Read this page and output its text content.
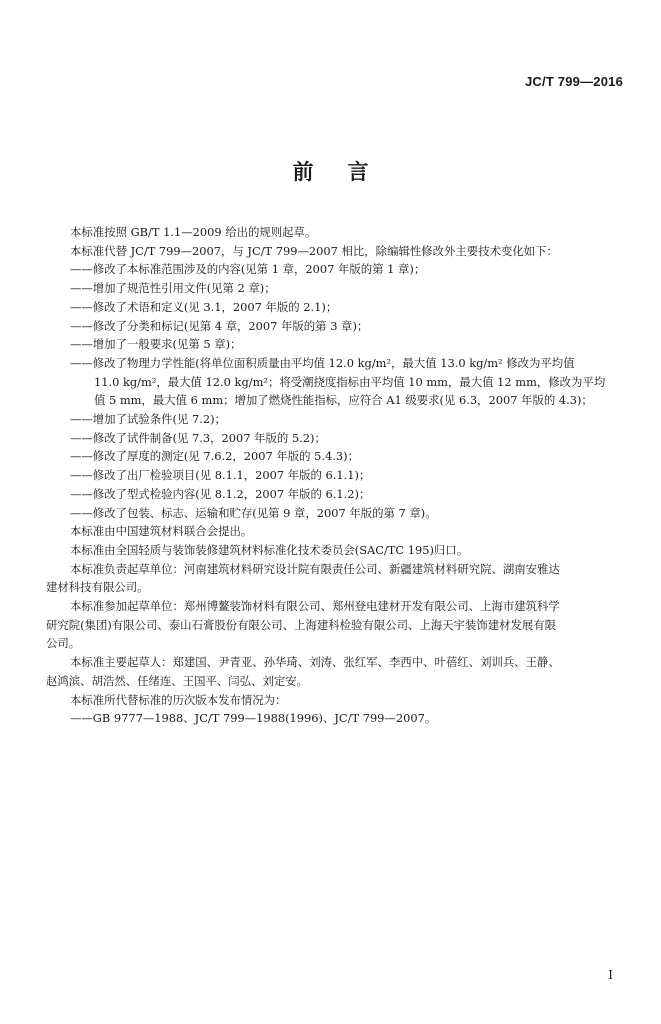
JC/T 799—2016
前言
本标准按照 GB/T 1.1—2009 给出的规则起草。
本标准代替 JC/T 799—2007，与 JC/T 799—2007 相比，除编辑性修改外主要技术变化如下：
——修改了本标准范围涉及的内容(见第 1 章，2007 年版的第 1 章)；
——增加了规范性引用文件(见第 2 章)；
——修改了术语和定义(见 3.1，2007 年版的 2.1)；
——修改了分类和标记(见第 4 章，2007 年版的第 3 章)；
——增加了一般要求(见第 5 章)；
——修改了物理力学性能(将单位面积质量由平均值 12.0 kg/m²，最大值 13.0 kg/m² 修改为平均值
11.0 kg/m²，最大值 12.0 kg/m²；将受潮挠度指标由平均值 10 mm，最大值 12 mm，修改为平均
值 5 mm，最大值 6 mm；增加了燃烧性能指标，应符合 A1 级要求(见 6.3，2007 年版的 4.3)；
——增加了试验条件(见 7.2)；
——修改了试件制备(见 7.3，2007 年版的 5.2)；
——修改了厚度的测定(见 7.6.2，2007 年版的 5.4.3)；
——修改了出厂检验项目(见 8.1.1，2007 年版的 6.1.1)；
——修改了型式检验内容(见 8.1.2，2007 年版的 6.1.2)；
——修改了包装、标志、运输和贮存(见第 9 章，2007 年版的第 7 章)。
本标准由中国建筑材料联合会提出。
本标准由全国轻质与装饰装修建筑材料标准化技术委员会(SAC/TC 195)归口。
本标准负责起草单位：河南建筑材料研究设计院有限责任公司、新疆建筑材料研究院、湖南安雅达
建材科技有限公司。
本标准参加起草单位：郑州博鳌装饰材料有限公司、郑州登电建材开发有限公司、上海市建筑科学
研究院(集团)有限公司、泰山石膏股份有限公司、上海建科检验有限公司、上海天宇装饰建材发展有限
公司。
本标准主要起草人：郑建国、尹青亚、孙华琦、刘涛、张红军、李西中、叶蓓红、刘训兵、王静、
赵鸿滨、胡浩然、任绪连、王国平、闫弘、刘定安。
本标准所代替标准的历次版本发布情况为：
——GB 9777—1988、JC/T 799—1988(1996)、JC/T 799—2007。
I
